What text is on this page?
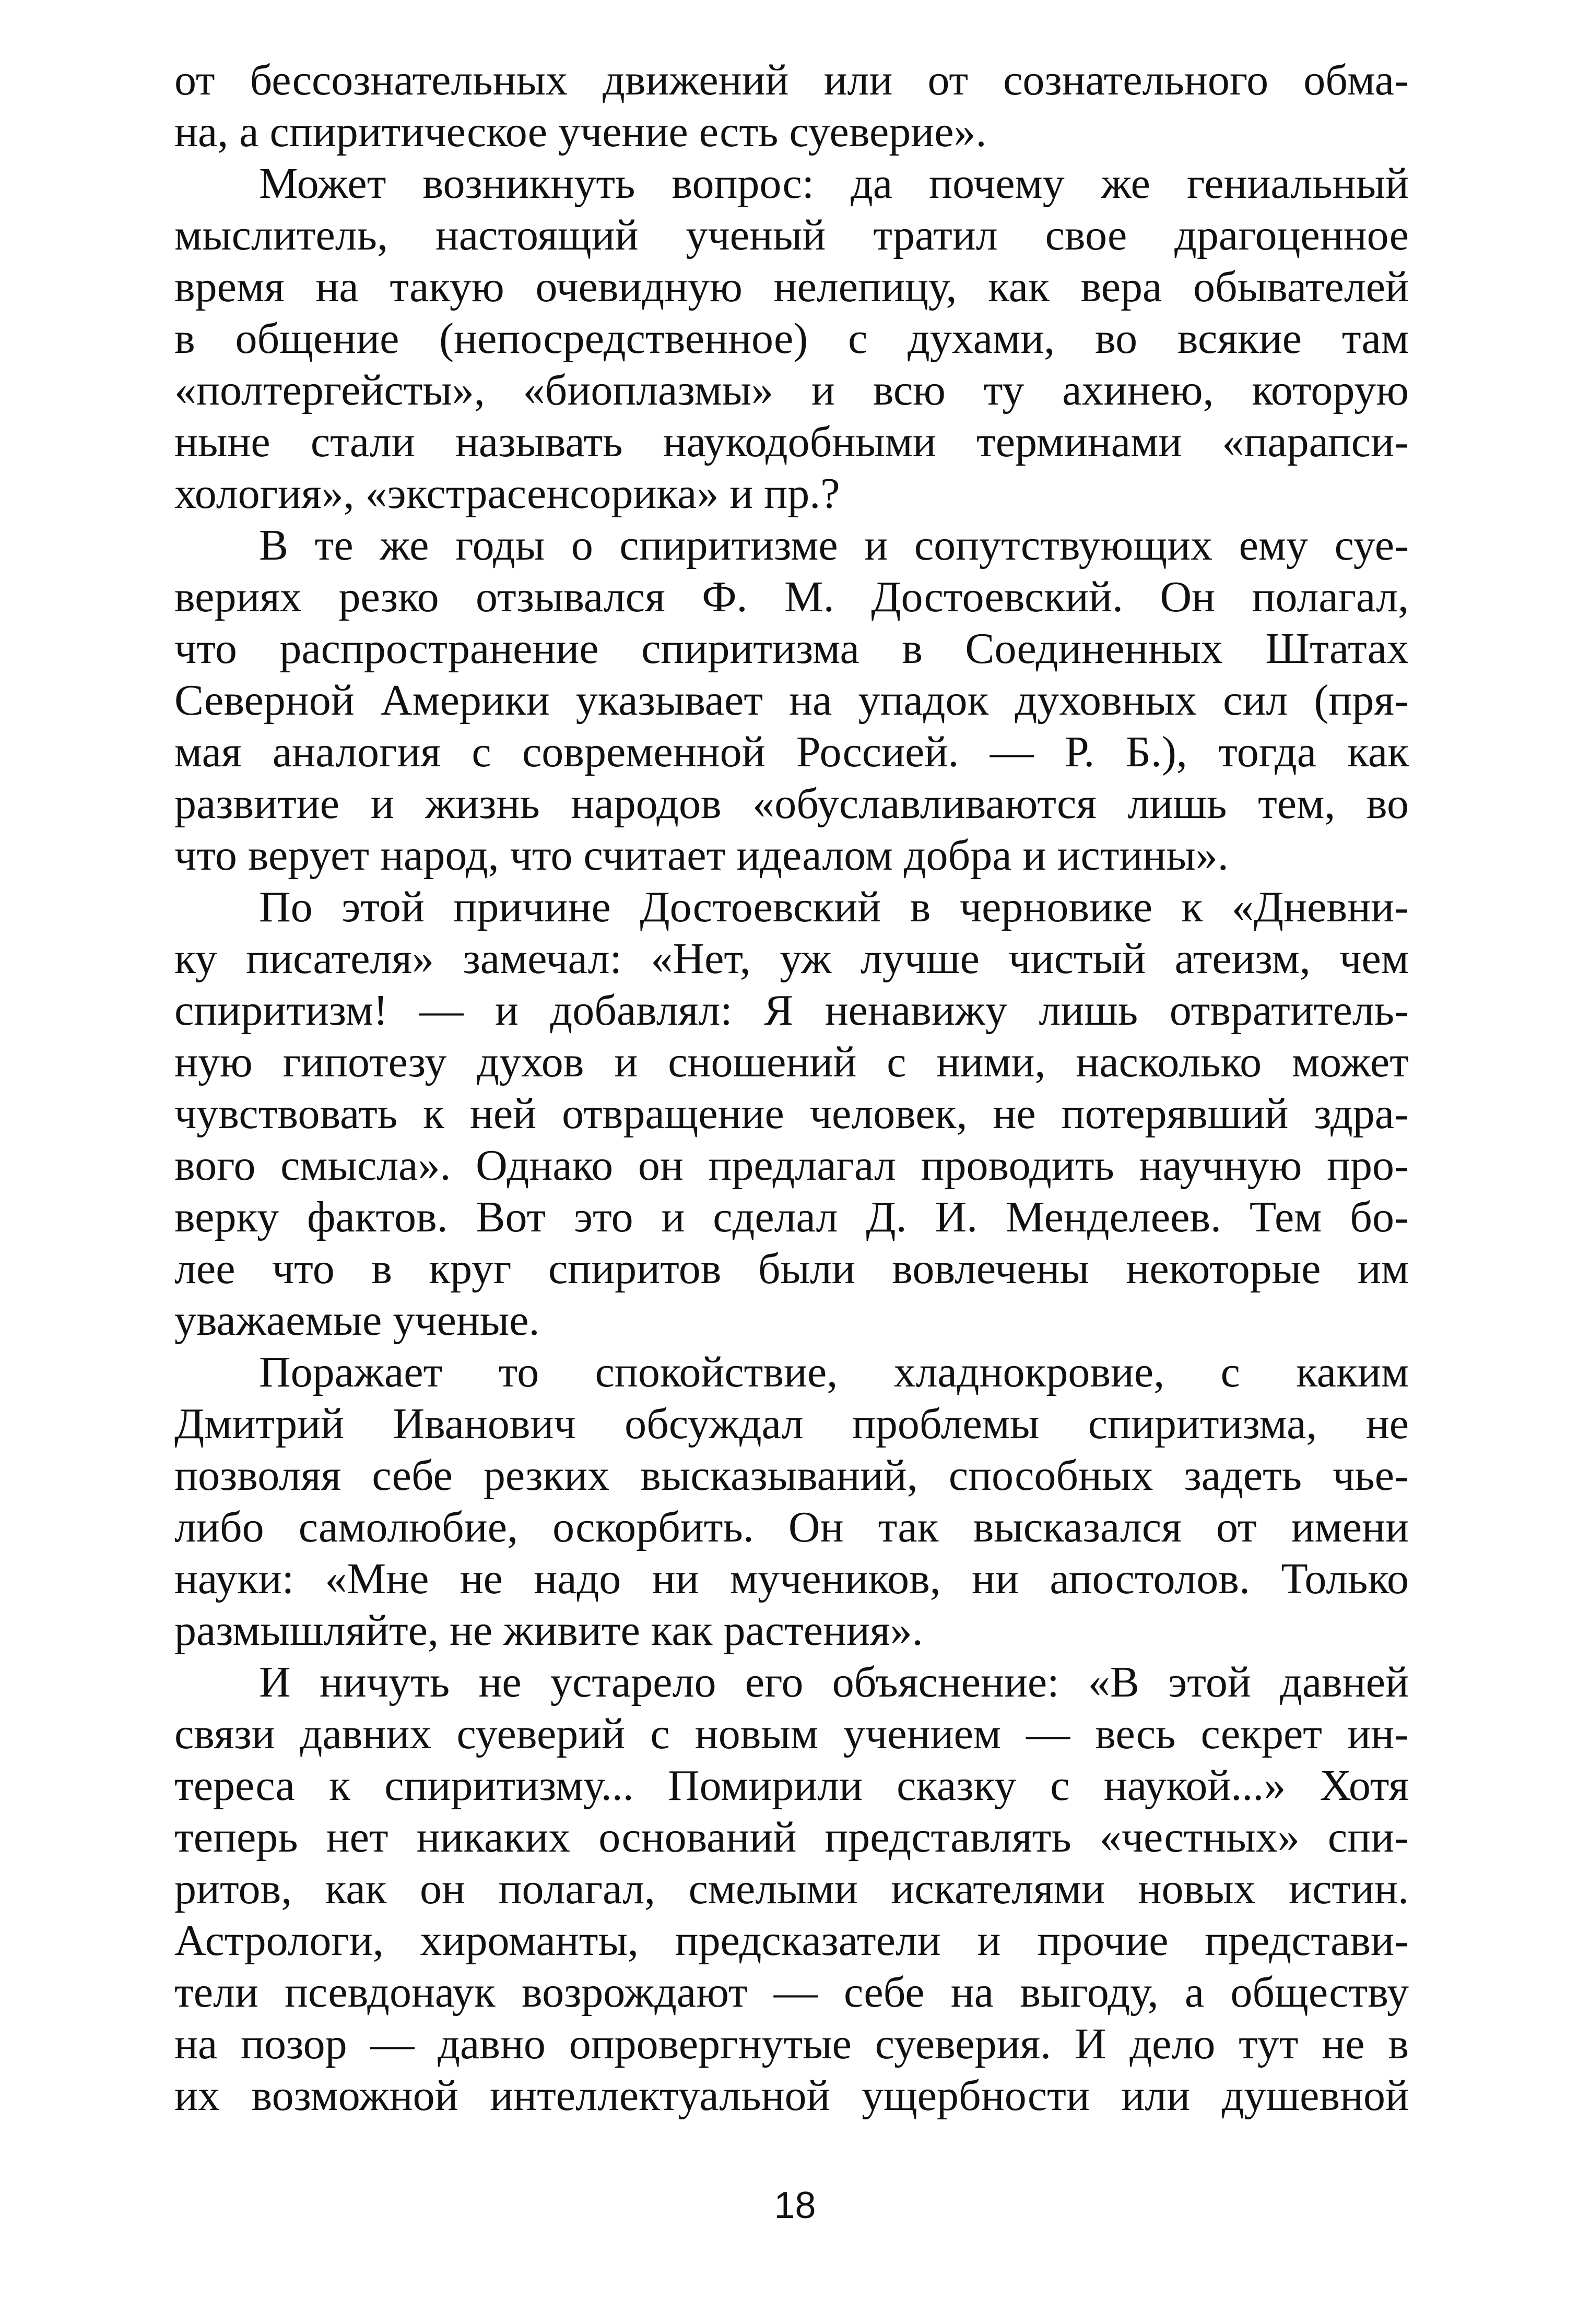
от бессознательных движений или от сознательного обма-
на, а спиритическое учение есть суеверие».
Может возникнуть вопрос: да почему же гениальный
мыслитель, настоящий ученый тратил свое драгоценное
время на такую очевидную нелепицу, как вера обывателей
в общение (непосредственное) с духами, во всякие там
«полтергейсты», «биоплазмы» и всю ту ахинею, которую
ныне стали называть наукодобными терминами «парапси-
хология», «экстрасенсорика» и пр.?
В те же годы о спиритизме и сопутствующих ему суе-
вериях резко отзывался Ф. М. Достоевский. Он полагал,
что распространение спиритизма в Соединенных Штатах
Северной Америки указывает на упадок духовных сил (пря-
мая аналогия с современной Россией. — Р. Б.), тогда как
развитие и жизнь народов «обуславливаются лишь тем, во
что верует народ, что считает идеалом добра и истины».
По этой причине Достоевский в черновике к «Дневни-
ку писателя» замечал: «Нет, уж лучше чистый атеизм, чем
спиритизм! — и добавлял: Я ненавижу лишь отвратитель-
ную гипотезу духов и сношений с ними, насколько может
чувствовать к ней отвращение человек, не потерявший здра-
вого смысла». Однако он предлагал проводить научную про-
верку фактов. Вот это и сделал Д. И. Менделеев. Тем бо-
лее что в круг спиритов были вовлечены некоторые им
уважаемые ученые.
Поражает то спокойствие, хладнокровие, с каким
Дмитрий Иванович обсуждал проблемы спиритизма, не
позволяя себе резких высказываний, способных задеть чье-
либо самолюбие, оскорбить. Он так высказался от имени
науки: «Мне не надо ни мучеников, ни апостолов. Только
размышляйте, не живите как растения».
И ничуть не устарело его объяснение: «В этой давней
связи давних суеверий с новым учением — весь секрет ин-
тереса к спиритизму... Помирили сказку с наукой...» Хотя
теперь нет никаких оснований представлять «честных» спи-
ритов, как он полагал, смелыми искателями новых истин.
Астрологи, хироманты, предсказатели и прочие представи-
тели псевдонаук возрождают — себе на выгоду, а обществу
на позор — давно опровергнутые суеверия. И дело тут не в
их возможной интеллектуальной ущербности или душевной
18
